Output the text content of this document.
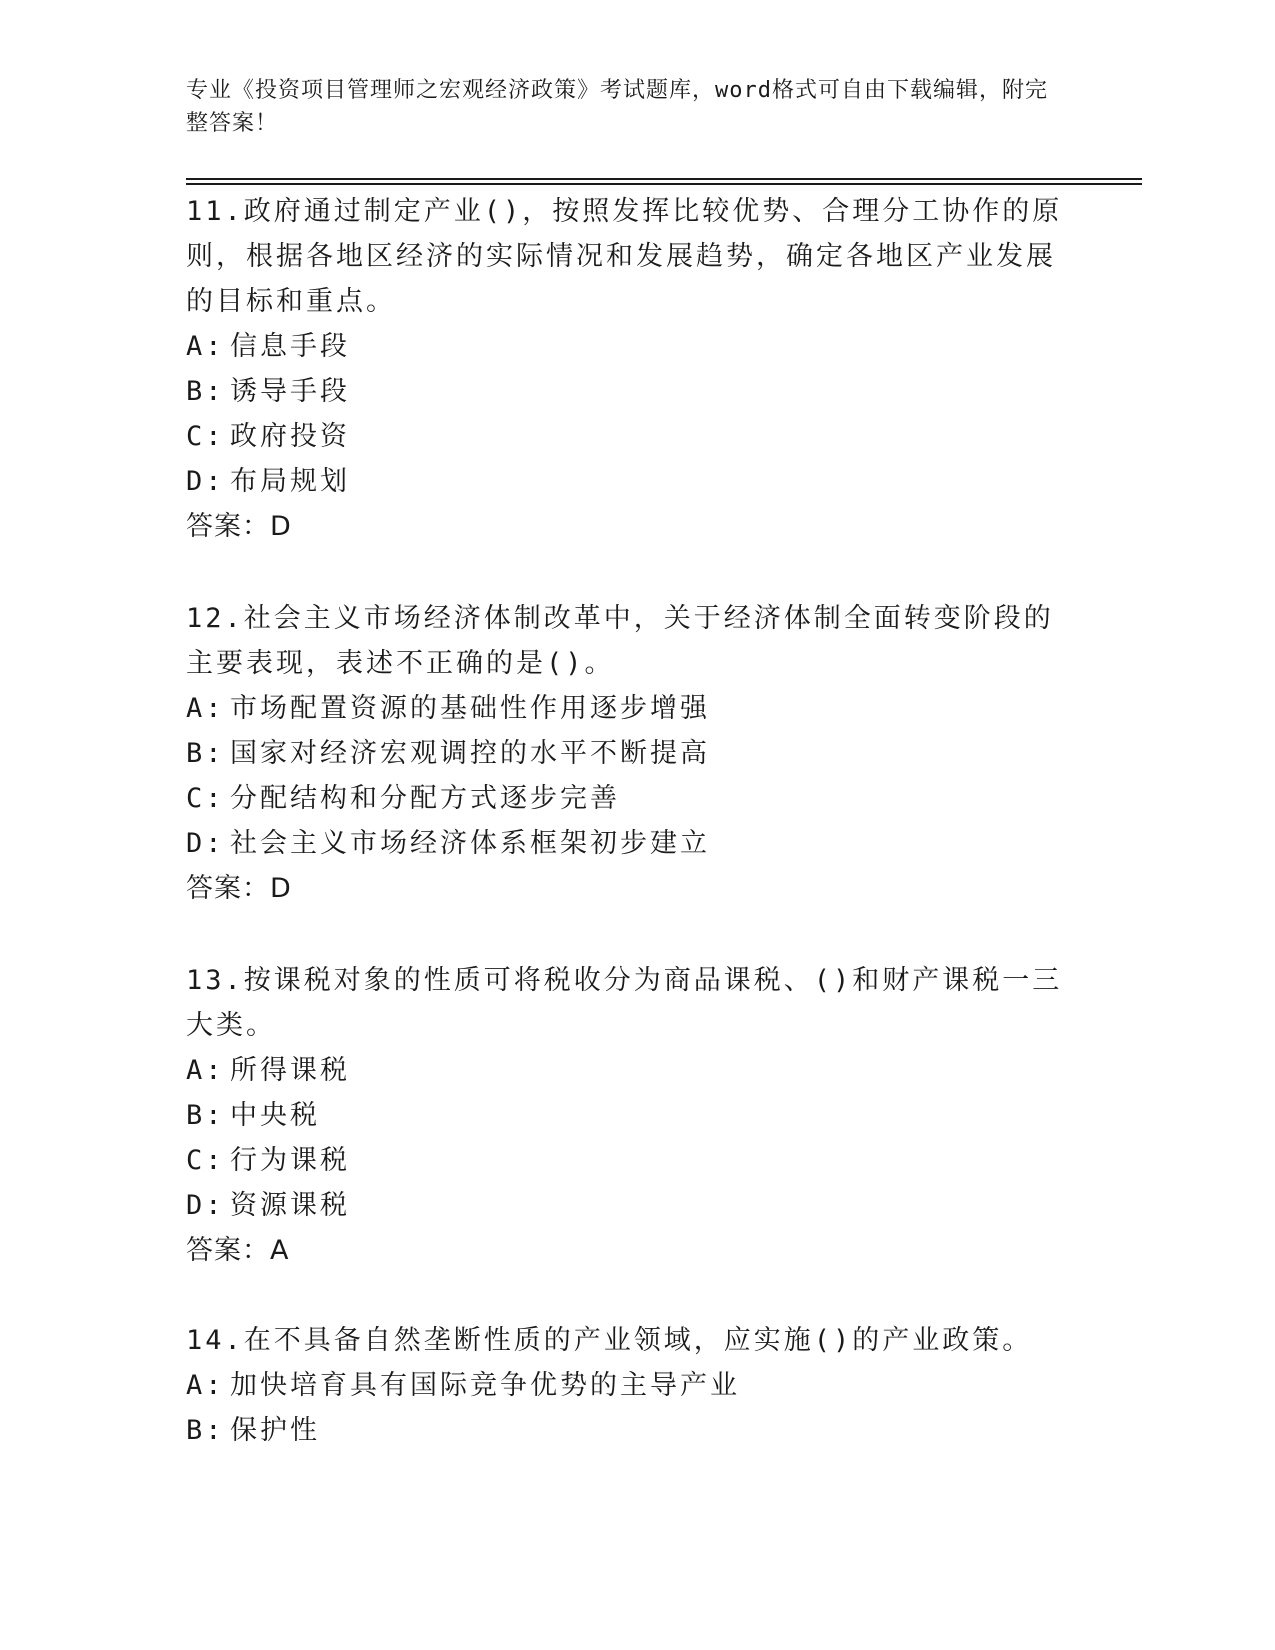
专业《投资项目管理师之宏观经济政策》考试题库，word格式可自由下载编辑，附完整答案！
11.政府通过制定产业()，按照发挥比较优势、合理分工协作的原则，根据各地区经济的实际情况和发展趋势，确定各地区产业发展的目标和重点。
A: 信息手段
B: 诱导手段
C: 政府投资
D: 布局规划
答案：D
12.社会主义市场经济体制改革中，关于经济体制全面转变阶段的主要表现，表述不正确的是()。
A: 市场配置资源的基础性作用逐步增强
B: 国家对经济宏观调控的水平不断提高
C: 分配结构和分配方式逐步完善
D: 社会主义市场经济体系框架初步建立
答案：D
13.按课税对象的性质可将税收分为商品课税、()和财产课税一三大类。
A: 所得课税
B: 中央税
C: 行为课税
D: 资源课税
答案：A
14.在不具备自然垄断性质的产业领域，应实施()的产业政策。
A: 加快培育具有国际竞争优势的主导产业
B: 保护性
